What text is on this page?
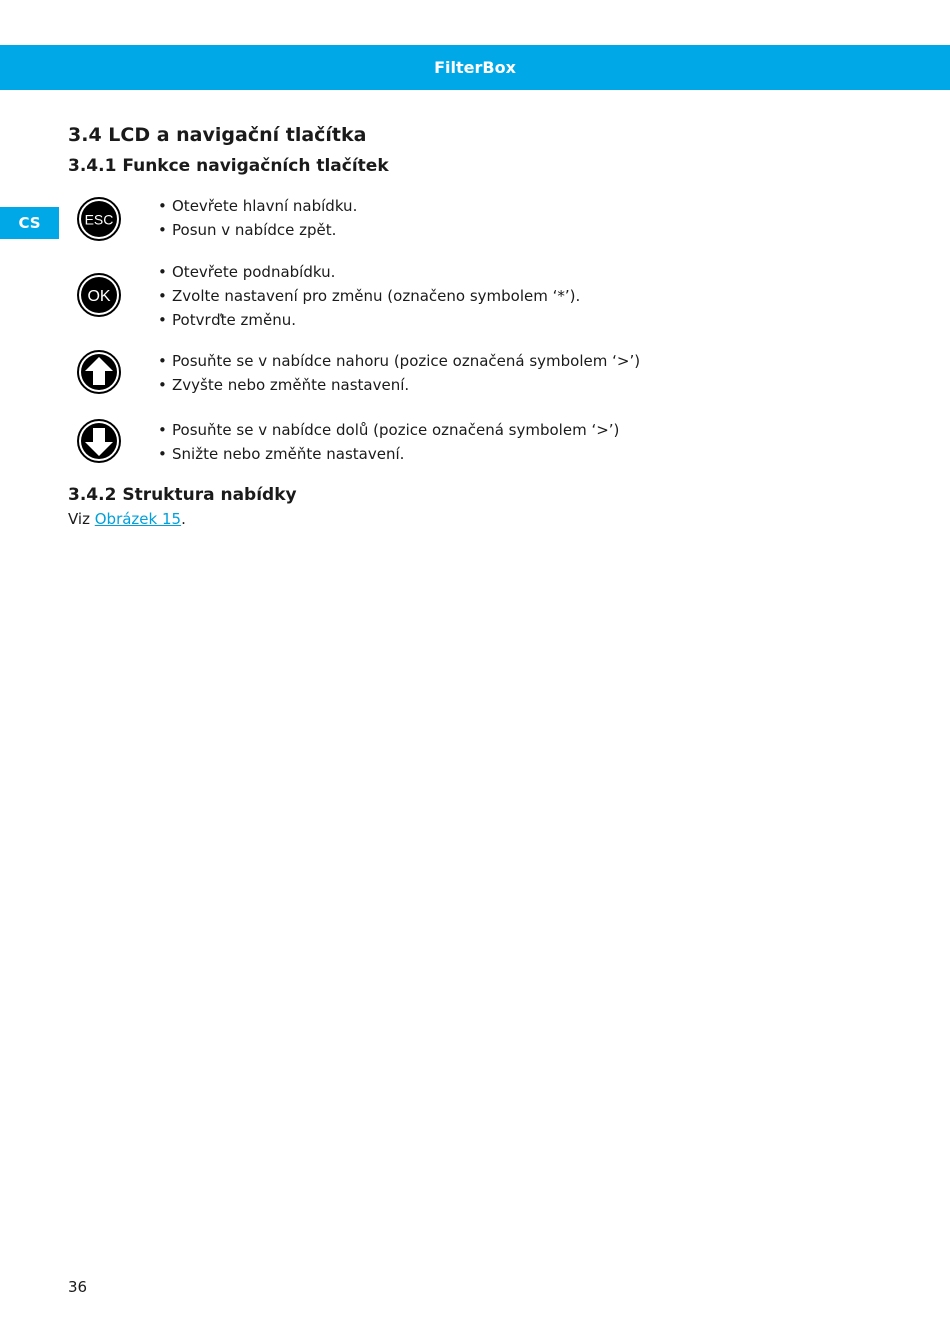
FilterBox
CS
3.4 LCD a navigační tlačítka
3.4.1 Funkce navigačních tlačítek
ESC
• Otevřete hlavní nabídku.
• Posun v nabídce zpět.
OK
• Otevřete podnabídku.
• Zvolte nastavení pro změnu (označeno symbolem ‘*’).
• Potvrďte změnu.
• Posuňte se v nabídce nahoru (pozice označená symbolem ‘>’)
• Zvyšte nebo změňte nastavení.
• Posuňte se v nabídce dolů (pozice označená symbolem ‘>’)
• Snižte nebo změňte nastavení.
3.4.2 Struktura nabídky
Viz Obrázek 15.
36
